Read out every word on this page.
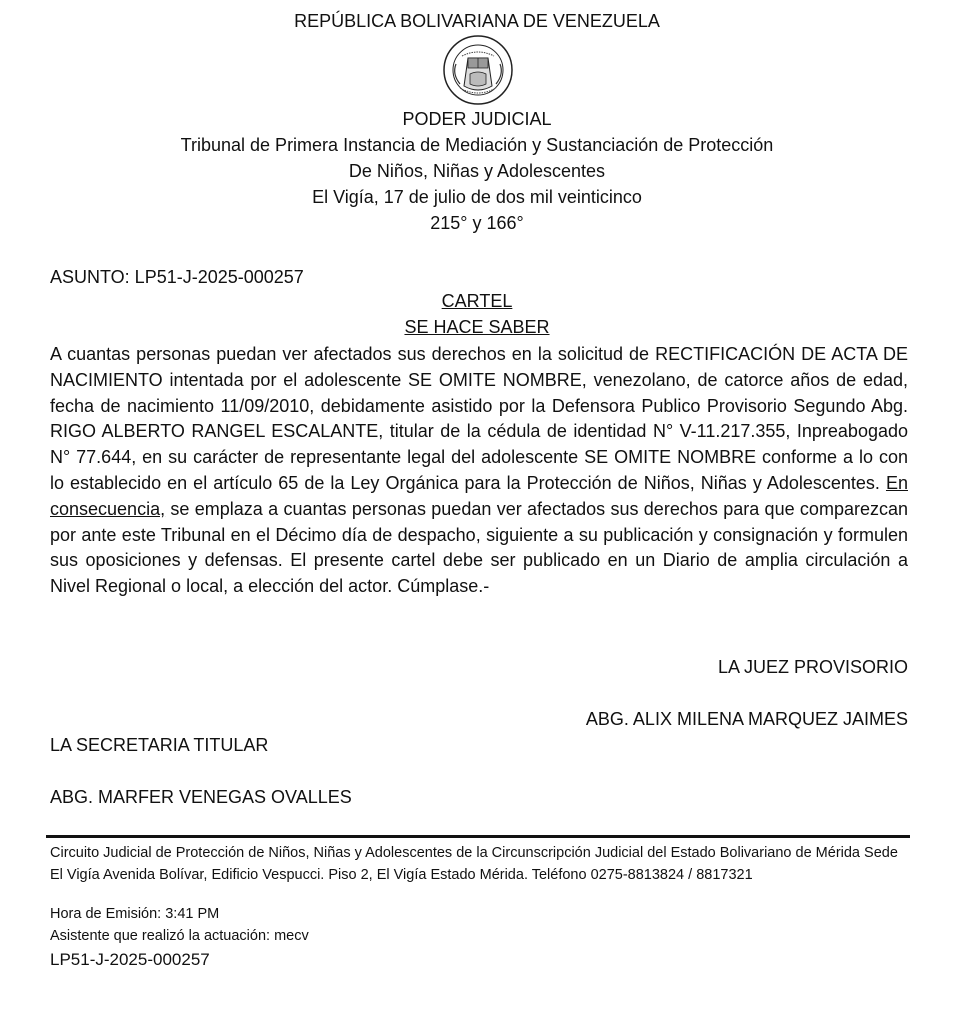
REPÚBLICA BOLIVARIANA DE VENEZUELA
PODER JUDICIAL
Tribunal de Primera Instancia de Mediación y Sustanciación de Protección
De Niños, Niñas y Adolescentes
El Vigía, 17 de julio de dos mil veinticinco
215° y 166°
ASUNTO: LP51-J-2025-000257
CARTEL
SE HACE SABER
A cuantas personas puedan ver afectados sus derechos en la solicitud de RECTIFICACIÓN DE ACTA DE NACIMIENTO intentada por el adolescente SE OMITE NOMBRE, venezolano, de catorce años de edad, fecha de nacimiento 11/09/2010, debidamente asistido por la Defensora Publico Provisorio Segundo Abg. RIGO ALBERTO RANGEL ESCALANTE, titular de la cédula de identidad N° V-11.217.355, Inpreabogado N° 77.644, en su carácter de representante legal del adolescente SE OMITE NOMBRE conforme a lo con lo establecido en el artículo 65 de la Ley Orgánica para la Protección de Niños, Niñas y Adolescentes. En consecuencia, se emplaza a cuantas personas puedan ver afectados sus derechos para que comparezcan por ante este Tribunal en el Décimo día de despacho, siguiente a su publicación y consignación y formulen sus oposiciones y defensas. El presente cartel debe ser publicado en un Diario de amplia circulación a Nivel Regional o local, a elección del actor. Cúmplase.-
LA JUEZ PROVISORIO
ABG. ALIX MILENA MARQUEZ JAIMES
LA SECRETARIA TITULAR
ABG. MARFER VENEGAS OVALLES
Circuito Judicial de Protección de Niños, Niñas y Adolescentes de la Circunscripción Judicial del Estado Bolivariano de Mérida Sede El Vigía Avenida Bolívar, Edificio Vespucci. Piso 2, El Vigía Estado Mérida. Teléfono 0275-8813824 / 8817321
Hora de Emisión: 3:41 PM
Asistente que realizó la actuación: mecv
LP51-J-2025-000257
